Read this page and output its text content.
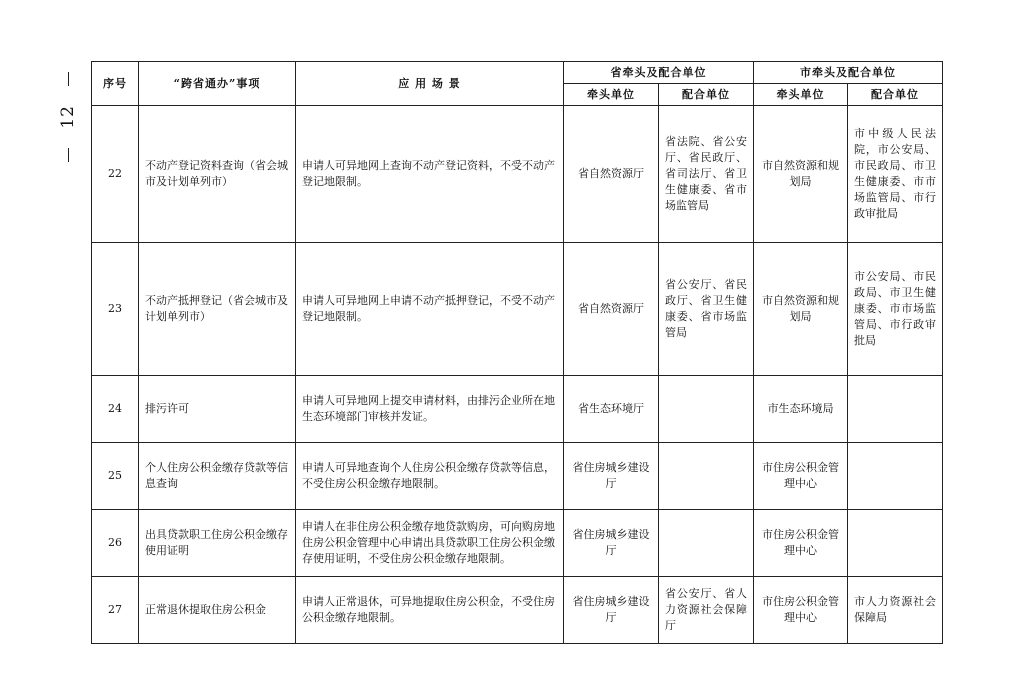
12
序号	“跨省通办”事项	应 用 场 景	省牵头及配合单位		市牵头及配合单位	
			牵头单位	配合单位	牵头单位	配合单位
22	不动产登记资料查询（省会城市及计划单列市）	申请人可异地网上查询不动产登记资料，不受不动产登记地限制。	省自然资源厅	省法院、省公安厅、省民政厅、省司法厅、省卫生健康委、省市场监管局	市自然资源和规划局	市中级人民法院，市公安局、市民政局、市卫生健康委、市市场监管局、市行政审批局
23	不动产抵押登记（省会城市及计划单列市）	申请人可异地网上申请不动产抵押登记，不受不动产登记地限制。	省自然资源厅	省公安厅、省民政厅、省卫生健康委、省市场监管局	市自然资源和规划局	市公安局、市民政局、市卫生健康委、市市场监管局、市行政审批局
24	排污许可	申请人可异地网上提交申请材料，由排污企业所在地生态环境部门审核并发证。	省生态环境厅		市生态环境局	
25	个人住房公积金缴存贷款等信息查询	申请人可异地查询个人住房公积金缴存贷款等信息，不受住房公积金缴存地限制。	省住房城乡建设厅		市住房公积金管理中心	
26	出具贷款职工住房公积金缴存使用证明	申请人在非住房公积金缴存地贷款购房，可向购房地住房公积金管理中心申请出具贷款职工住房公积金缴存使用证明，不受住房公积金缴存地限制。	省住房城乡建设厅		市住房公积金管理中心	
27	正常退休提取住房公积金	申请人正常退休，可异地提取住房公积金，不受住房公积金缴存地限制。	省住房城乡建设厅	省公安厅、省人力资源社会保障厅	市住房公积金管理中心	市人力资源社会保障局
